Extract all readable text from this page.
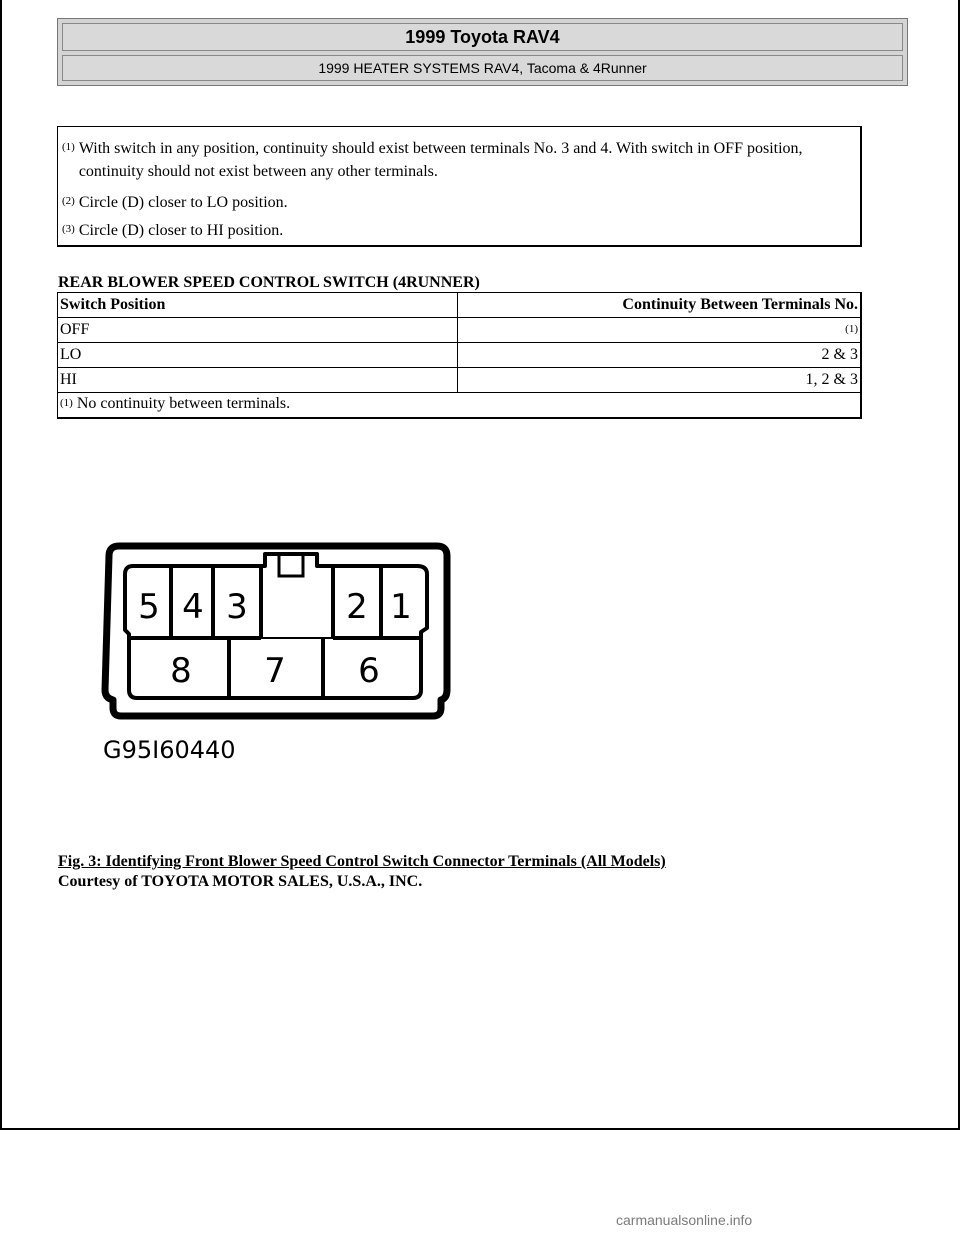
1999 Toyota RAV4
1999 HEATER SYSTEMS RAV4, Tacoma & 4Runner
$^{(1)}$ With switch in any position, continuity should exist between terminals No. 3 and 4. With switch in OFF position, continuity should not exist between any other terminals.
$^{(2)}$ Circle (D) closer to LO position.
$^{(3)}$ Circle (D) closer to HI position.
REAR BLOWER SPEED CONTROL SWITCH (4RUNNER)
Switch Position	Continuity Between Terminals No.
OFF	(1)
LO	2 & 3
HI	1, 2 & 3
$^{(1)}$ No continuity between terminals.	
5 4 3	2 1
8 7 6
G95I60440
Fig. 3: Identifying Front Blower Speed Control Switch Connector Terminals (All Models)
Courtesy of TOYOTA MOTOR SALES, U.S.A., INC.
carmanualsonline.info
